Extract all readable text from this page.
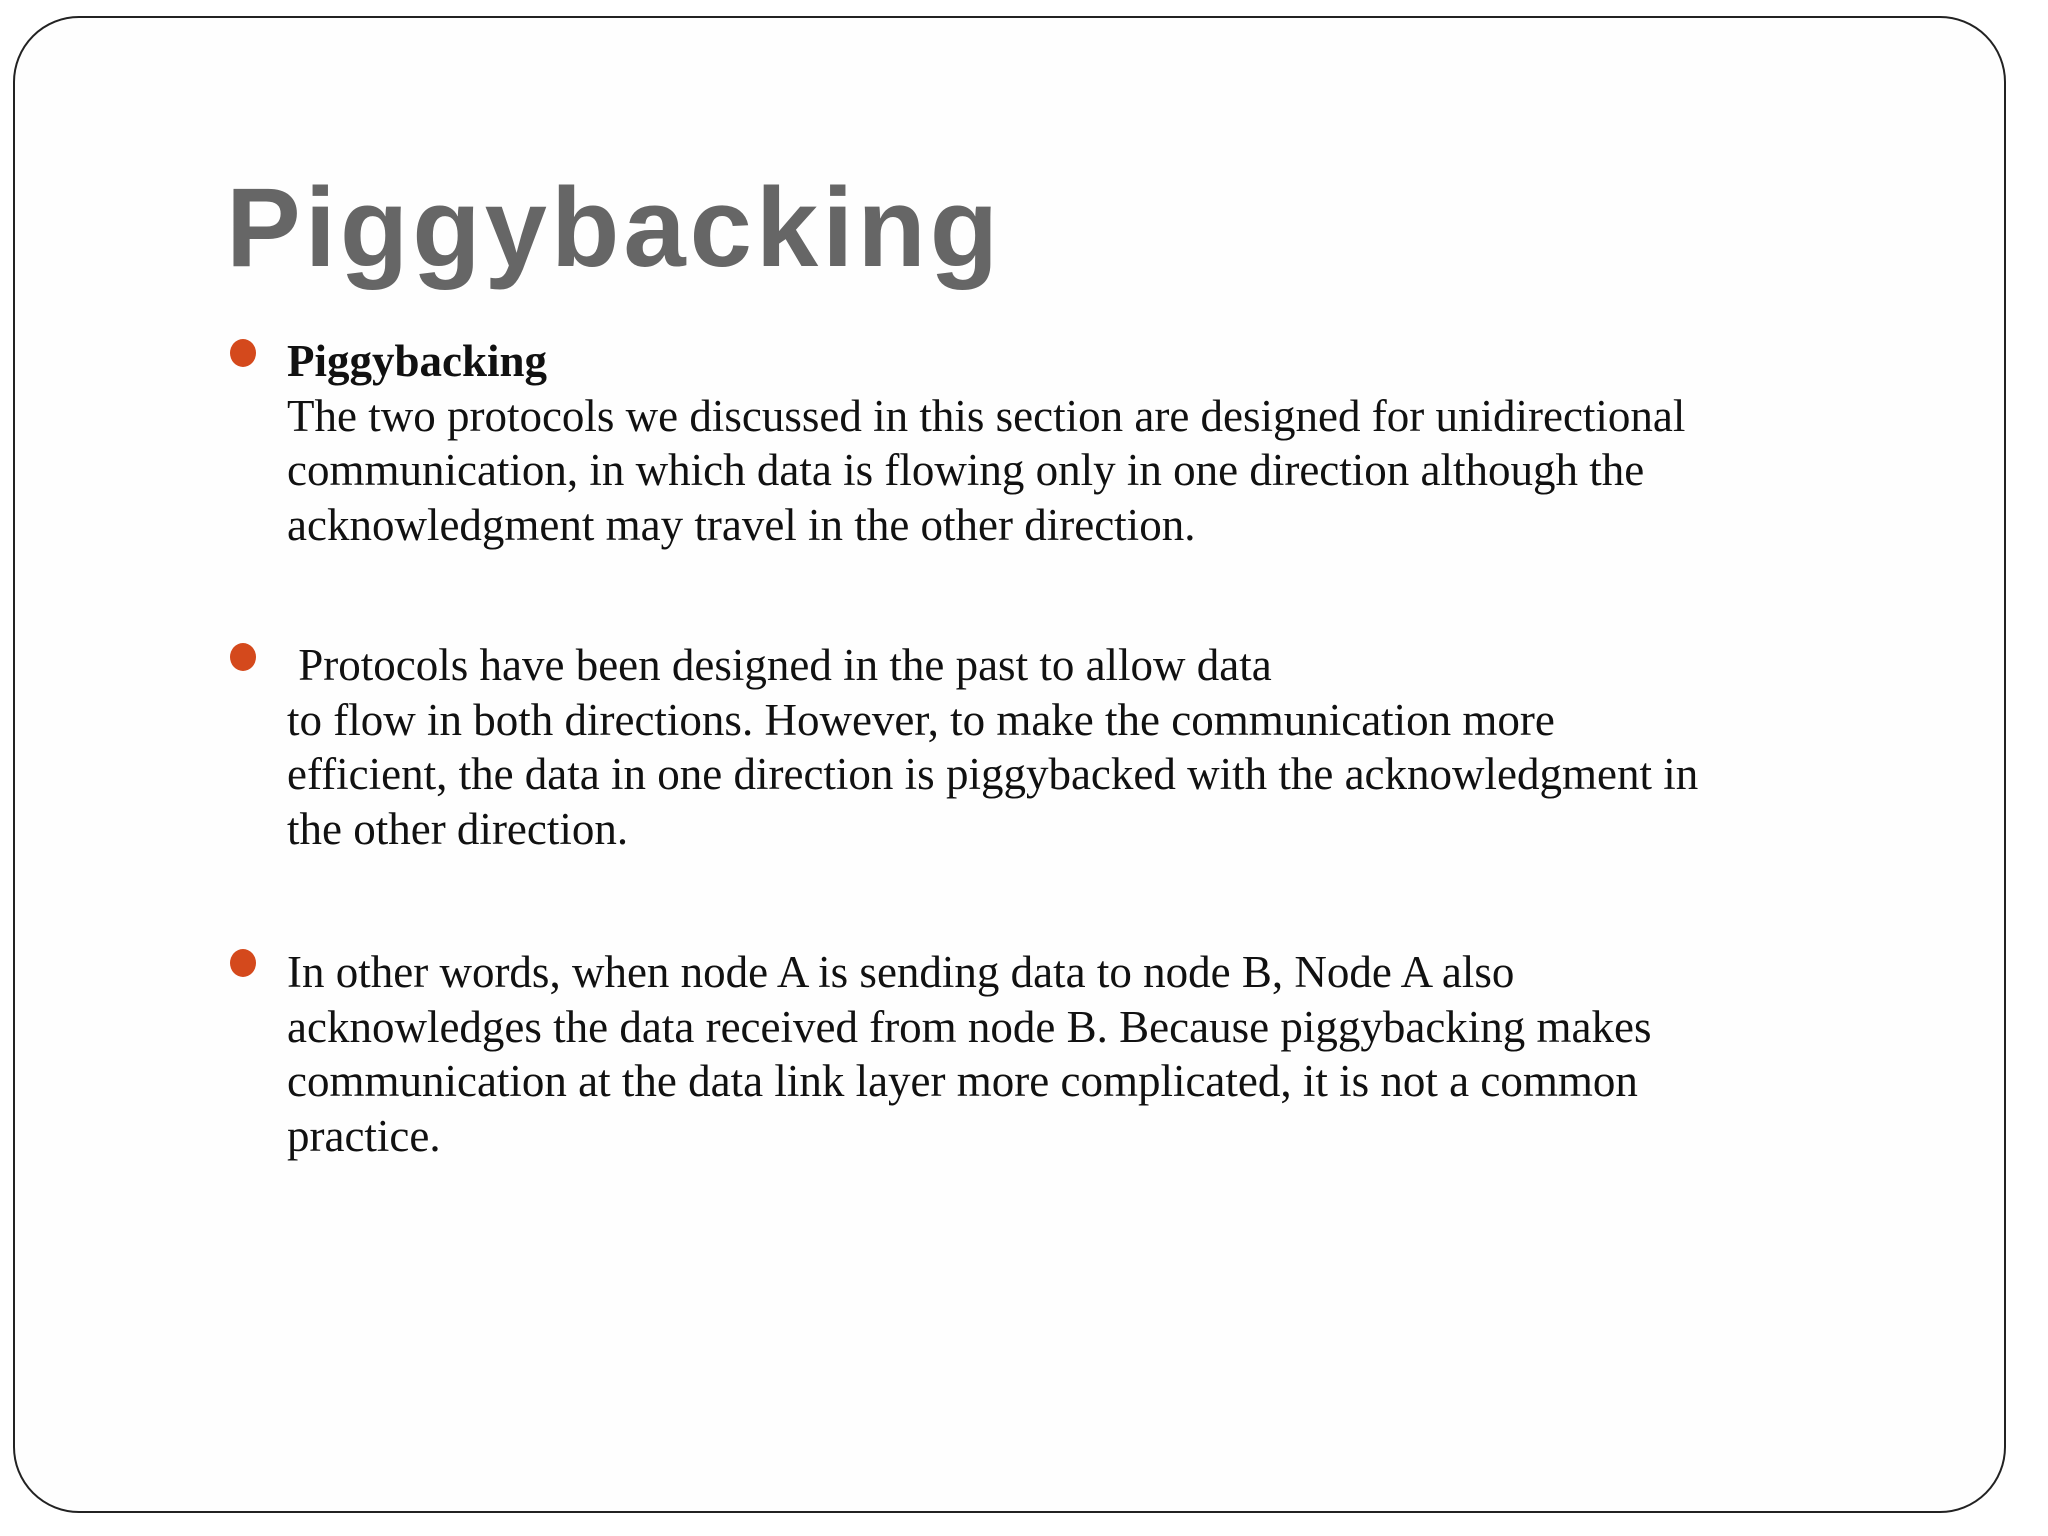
Piggybacking
Piggybacking
The two protocols we discussed in this section are designed for unidirectional
communication, in which data is flowing only in one direction although the
acknowledgment may travel in the other direction.
Protocols have been designed in the past to allow data
to flow in both directions. However, to make the communication more
efficient, the data in one direction is piggybacked with the acknowledgment in
the other direction.
In other words, when node A is sending data to node B, Node A also
acknowledges the data received from node B. Because piggybacking makes
communication at the data link layer more complicated, it is not a common
practice.
